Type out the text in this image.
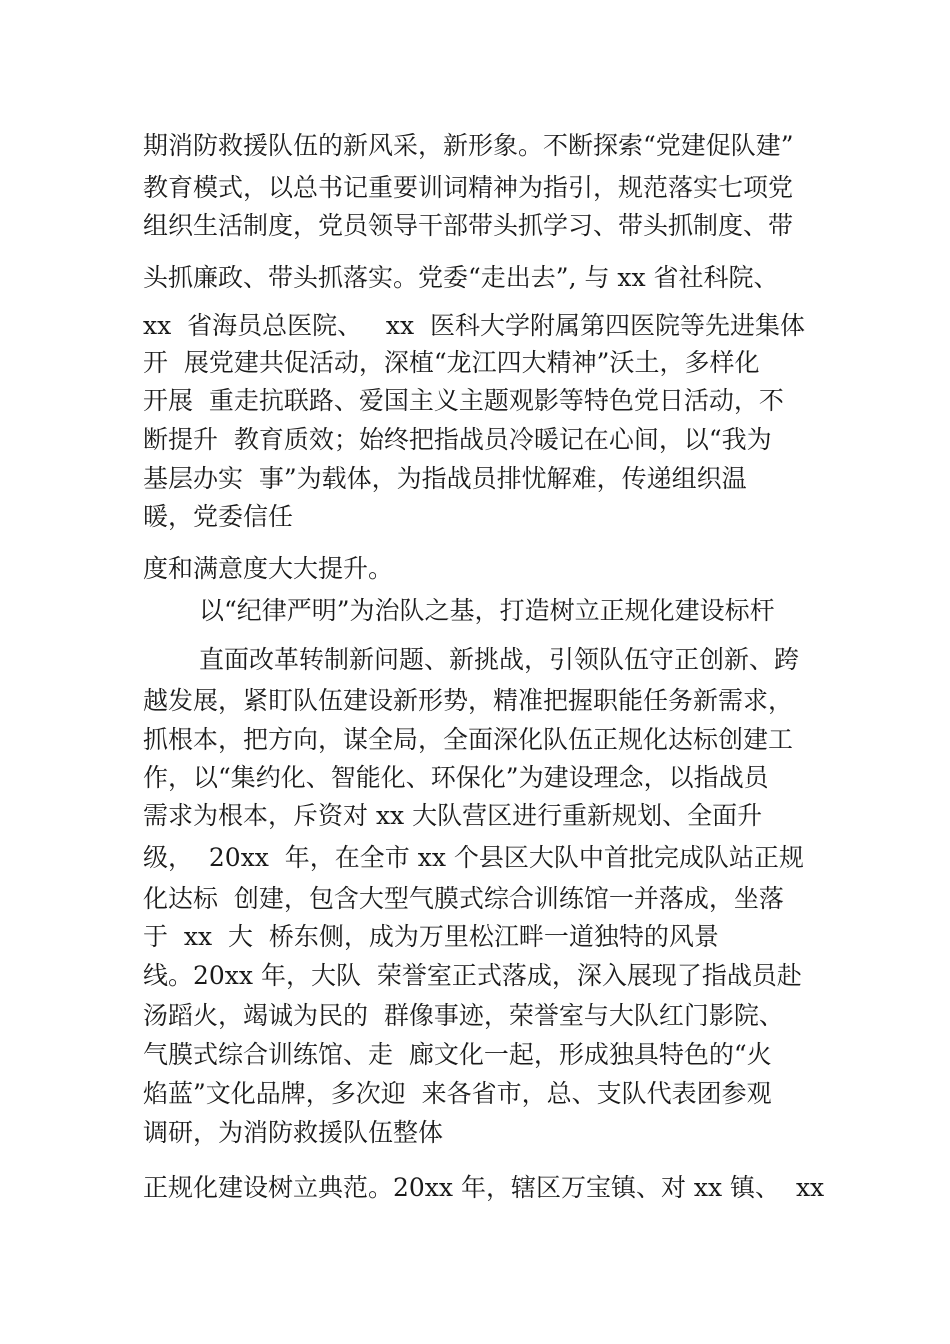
期消防救援队伍的新风采，新形象。不断探索“党建促队建”

教育模式，以总书记重要训词精神为指引，规范落实七项党

组织生活制度，党员领导干部带头抓学习、带头抓制度、带

头抓廉政、带头抓落实。党委“走出去”, 与 xx 省社科院、

xx  省海员总医院、   xx  医科大学附属第四医院等先进集体

开  展党建共促活动，深植“龙江四大精神”沃土，多样化

开展  重走抗联路、爱国主义主题观影等特色党日活动，不

断提升  教育质效；始终把指战员冷暖记在心间，以“我为

基层办实  事”为载体，为指战员排忧解难，传递组织温

暖，党委信任

度和满意度大大提升。

以“纪律严明”为治队之基，打造树立正规化建设标杆

直面改革转制新问题、新挑战，引领队伍守正创新、跨

越发展，紧盯队伍建设新形势，精准把握职能任务新需求，

抓根本，把方向，谋全局，全面深化队伍正规化达标创建工

作，以“集约化、智能化、环保化”为建设理念，以指战员

需求为根本，斥资对 xx 大队营区进行重新规划、全面升

级，  20xx  年，在全市 xx 个县区大队中首批完成队站正规

化达标  创建，包含大型气膜式综合训练馆一并落成，坐落

于  xx  大  桥东侧，成为万里松江畔一道独特的风景

线。20xx 年，大队  荣誉室正式落成，深入展现了指战员赴

汤蹈火，竭诚为民的  群像事迹，荣誉室与大队红门影院、

气膜式综合训练馆、走  廊文化一起，形成独具特色的“火

焰蓝”文化品牌，多次迎  来各省市，总、支队代表团参观

调研，为消防救援队伍整体

正规化建设树立典范。20xx 年，辖区万宝镇、对 xx 镇、  xx
